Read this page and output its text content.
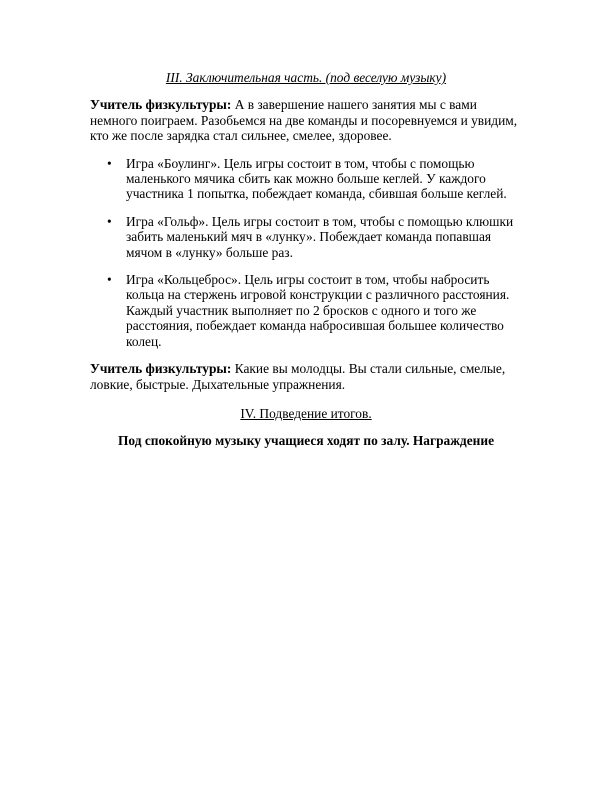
III. Заключительная часть. (под веселую музыку)

Учитель физкультуры: А в завершение нашего занятия мы с вами немного поиграем. Разобьемся на две команды и посоревнуемся и увидим, кто же после зарядка стал сильнее, смелее, здоровее.

• Игра «Боулинг». Цель игры состоит в том, чтобы с помощью маленького мячика сбить как можно больше кеглей. У каждого участника 1 попытка, побеждает команда, сбившая больше кеглей.
• Игра «Гольф». Цель игры состоит в том, чтобы с помощью клюшки забить маленький мяч в «лунку». Побеждает команда попавшая мячом в «лунку» больше раз.
• Игра «Кольцеброс». Цель игры состоит в том, чтобы набросить кольца на стержень игровой конструкции с различного расстояния. Каждый участник выполняет по 2 бросков с одного и того же расстояния, побеждает команда набросившая большее количество колец.

Учитель физкультуры: Какие вы молодцы. Вы стали сильные, смелые, ловкие, быстрые. Дыхательные упражнения.

IV. Подведение итогов.

Под спокойную музыку учащиеся ходят по залу. Награждение
